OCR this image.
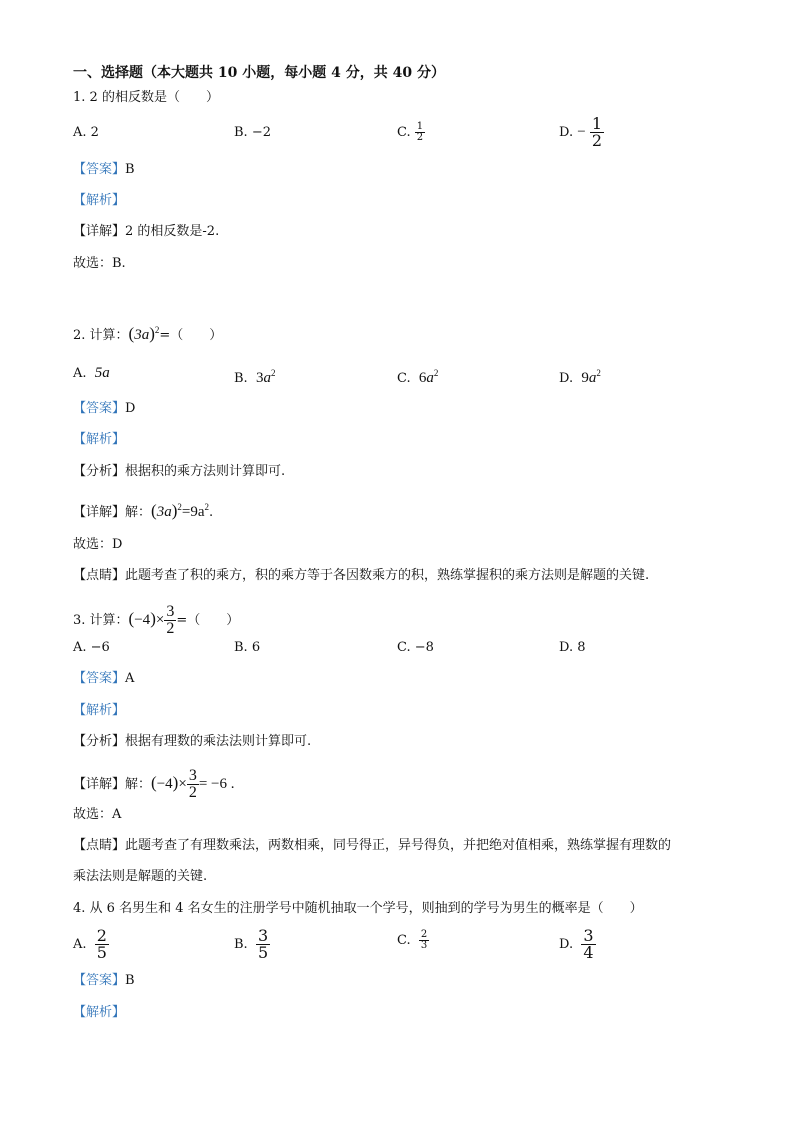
一、选择题（本大题共 10 小题，每小题 4 分，共 40 分）
1. 2 的相反数是（　　）
A. 2	B. −2	C. $\frac{1}{2}$	D. − $\frac{1}{2}$
【答案】B
【解析】
【详解】2 的相反数是-2.
故选：B.
2. 计算：$(3a)^2=$（　　）
A. 5a	B. $3a^2$	C. $6a^2$	D. $9a^2$
【答案】D
【解析】
【分析】根据积的乘方法则计算即可.
【详解】解：$(3a)^2=9a^2$.
故选：D
【点睛】此题考查了积的乘方，积的乘方等于各因数乘方的积，熟练掌握积的乘方法则是解题的关键.
3. 计算：$(-4)\times \frac{3}{2}$ =（　　）
A. −6	B. 6	C. −8	D. 8
【答案】A
【解析】
【分析】根据有理数的乘法法则计算即可.
【详解】解：$(-4)\times \frac{3}{2} = -6$ .
故选：A
【点睛】此题考查了有理数乘法，两数相乘，同号得正，异号得负，并把绝对值相乘，熟练掌握有理数的
乘法法则是解题的关键.
4. 从 6 名男生和 4 名女生的注册学号中随机抽取一个学号，则抽到的学号为男生的概率是（　　）
A. $\frac{2}{5}$	B. $\frac{3}{5}$	C. $\frac{2}{3}$	D. $\frac{3}{4}$
【答案】B
【解析】
